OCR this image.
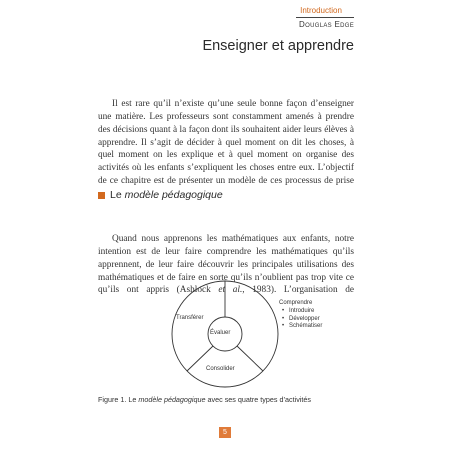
Introduction
Douglas Edge
Enseigner et apprendre

Il est rare qu’il n’existe qu’une seule bonne façon d’enseigner une matière. Les professeurs sont constamment amenés à prendre des décisions quant à la façon dont ils souhaitent aider leurs élèves à apprendre. Il s’agit de décider à quel moment on dit les choses, à quel moment on les explique et à quel moment on organise des activités où les enfants s’expliquent les choses entre eux. L’objectif de ce chapitre est de présenter un modèle de ces processus de prise

Le modèle pédagogique

Quand nous apprenons les mathématiques aux enfants, notre intention est de leur faire comprendre les mathématiques qu’ils apprennent, de leur faire découvrir les principales utilisations des mathématiques et de faire en sorte qu’ils n’oublient pas trop vite ce qu’ils ont appris (Ashlock et al., 1983). L’organisation de

Transférer
Évaluer
Consolider
Comprendre
• Introduire
• Développer
• Schématiser
Figure 1. Le modèle pédagogique avec ses quatre types d’activités
5
